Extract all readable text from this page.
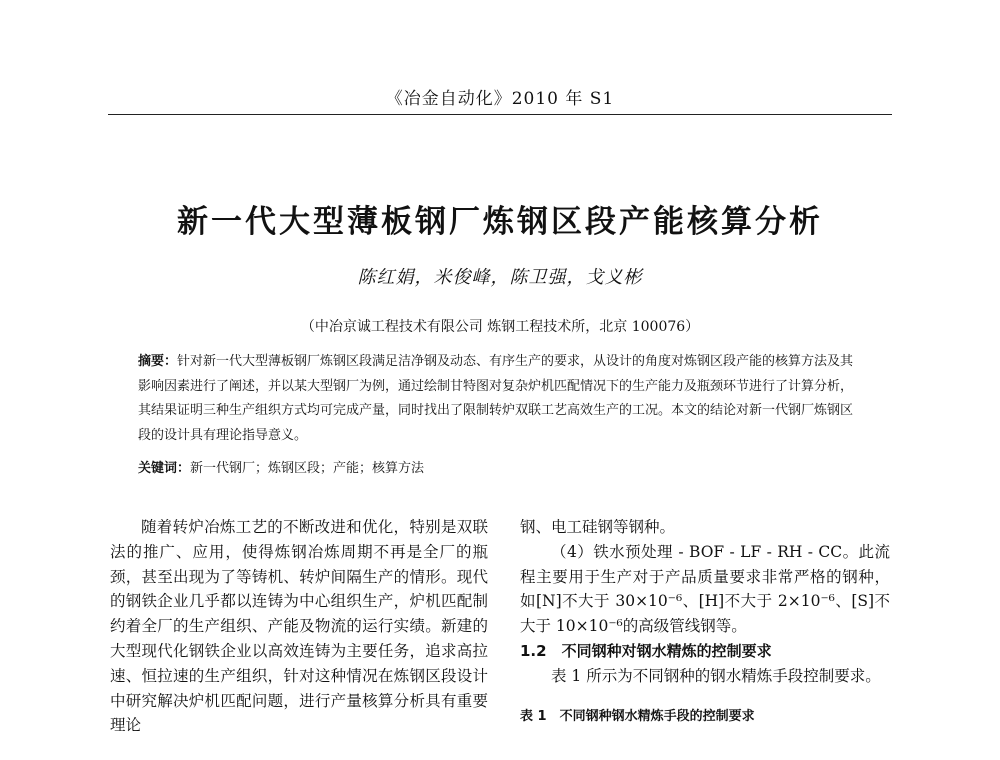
《冶金自动化》2010 年 S1
新一代大型薄板钢厂炼钢区段产能核算分析
陈红娟，米俊峰，陈卫强，戈义彬
（中冶京诚工程技术有限公司 炼钢工程技术所，北京 100076）

摘要：针对新一代大型薄板钢厂炼钢区段满足洁净钢及动态、有序生产的要求，从设计的角度对炼钢区段产能的核算方法及其影响因素进行了阐述，并以某大型钢厂为例，通过绘制甘特图对复杂炉机匹配情况下的生产能力及瓶颈环节进行了计算分析，其结果证明三种生产组织方式均可完成产量，同时找出了限制转炉双联工艺高效生产的工况。本文的结论对新一代钢厂炼钢区段的设计具有理论指导意义。

关键词：新一代钢厂；炼钢区段；产能；核算方法

随着转炉冶炼工艺的不断改进和优化，特别是双联法的推广、应用，使得炼钢冶炼周期不再是全厂的瓶颈，甚至出现为了等铸机、转炉间隔生产的情形。现代的钢铁企业几乎都以连铸为中心组织生产，炉机匹配制约着全厂的生产组织、产能及物流的运行实绩。新建的大型现代化钢铁企业以高效连铸为主要任务，追求高拉速、恒拉速的生产组织，针对这种情况在炼钢区段设计中研究解决炉机匹配问题，进行产量核算分析具有重要理论

钢、电工硅钢等钢种。

（4）铁水预处理 - BOF - LF - RH - CC。此流程主要用于生产对于产品质量要求非常严格的钢种，如[N]不大于 30×10⁻⁶、[H]不大于 2×10⁻⁶、[S]不大于 10×10⁻⁶的高级管线钢等。

1.2　不同钢种对钢水精炼的控制要求

表 1 所示为不同钢种的钢水精炼手段控制要求。

表 1　不同钢种钢水精炼手段的控制要求
